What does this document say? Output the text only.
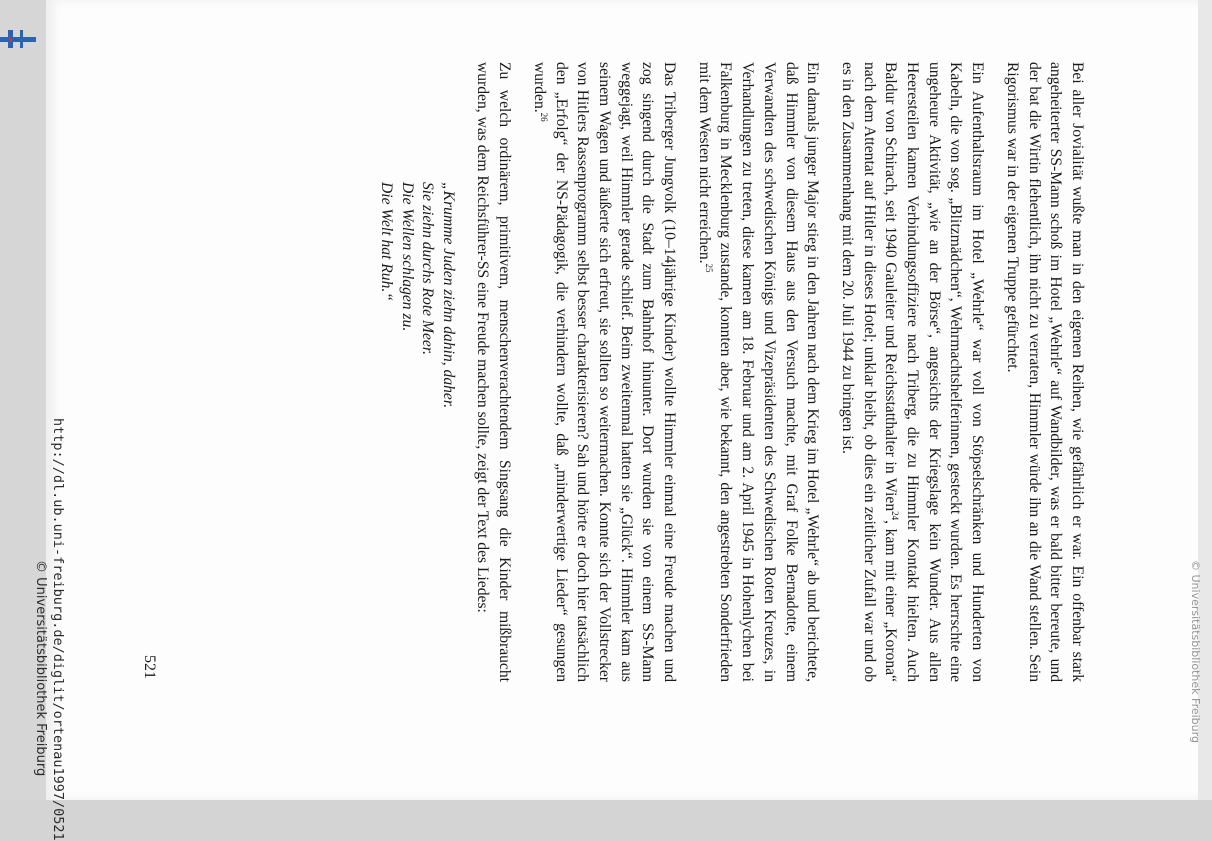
© Universitätsbibliothek Freiburg

Bei aller Jovialität wußte man in den eigenen Reihen, wie gefährlich er war. Ein offenbar stark angeheiterter SS-Mann schoß im Hotel „Wehrle“ auf Wandbilder, was er bald bitter bereute, und der bat die Wirtin flehentlich, ihn nicht zu verraten, Himmler würde ihn an die Wand stellen. Sein Rigorismus war in der eigenen Truppe gefürchtet.

Ein Aufenthaltsraum im Hotel „Wehrle“ war voll von Stöpselschränken und Hunderten von Kabeln, die von sog. „Blitzmädchen“, Wehrmachtshelferinnen, gesteckt wurden. Es herrschte eine ungeheure Aktivität, „wie an der Börse“, angesichts der Kriegslage kein Wunder. Aus allen Heeresteilen kamen Verbindungsoffiziere nach Triberg, die zu Himmler Kontakt hielten. Auch Baldur von Schirach, seit 1940 Gauleiter und Reichsstatthalter in Wien$^{24}$, kam mit einer „Korona“ nach dem Attentat auf Hitler in dieses Hotel; unklar bleibt, ob dies ein zeitlicher Zufall war und ob es in den Zusammenhang mit dem 20. Juli 1944 zu bringen ist.

Ein damals junger Major stieg in den Jahren nach dem Krieg im Hotel „Wehrle“ ab und berichtete, daß Himmler von diesem Haus aus den Versuch machte, mit Graf Folke Bernadotte, einem Verwandten des schwedischen Königs und Vizepräsidenten des Schwedischen Roten Kreuzes, in Verhandlungen zu treten, diese kamen am 18. Februar und am 2. April 1945 in Hohenlychen bei Falkenburg in Mecklenburg zustande, konnten aber, wie bekannt, den angestrebten Sonderfrieden mit dem Westen nicht erreichen.$^{25}$

Das Triberger Jungvolk (10–14jährige Kinder) wollte Himmler einmal eine Freude machen und zog singend durch die Stadt zum Bahnhof hinunter. Dort wurden sie von einem SS-Mann weggejagt, weil Himmler gerade schlief. Beim zweitenmal hatten sie „Glück“. Himmler kam aus seinem Wagen und äußerte sich erfreut, sie sollten so weitermachen. Konnte sich der Vollstrecker von Hitlers Rassenprogramm selbst besser charakterisieren? Sah und hörte er doch hier tatsächlich den „Erfolg“ der NS-Pädagogik, die verhindern wollte, daß „minderwertige Lieder“ gesungen wurden.$^{26}$

Zu welch ordinärem, primitivem, menschenverachtendem Singsang die Kinder mißbraucht wurden, was dem Reichsführer-SS eine Freude machen sollte, zeigt der Text des Liedes:

„Krumme Juden ziehn dahin, daher.
Sie ziehn durchs Rote Meer.
Die Wellen schlagen zu.
Die Welt hat Ruh.“
521
http://dl.ub.uni-freiburg.de/diglit/ortenau1997/0521
© Universitätsbibliothek Freiburg
